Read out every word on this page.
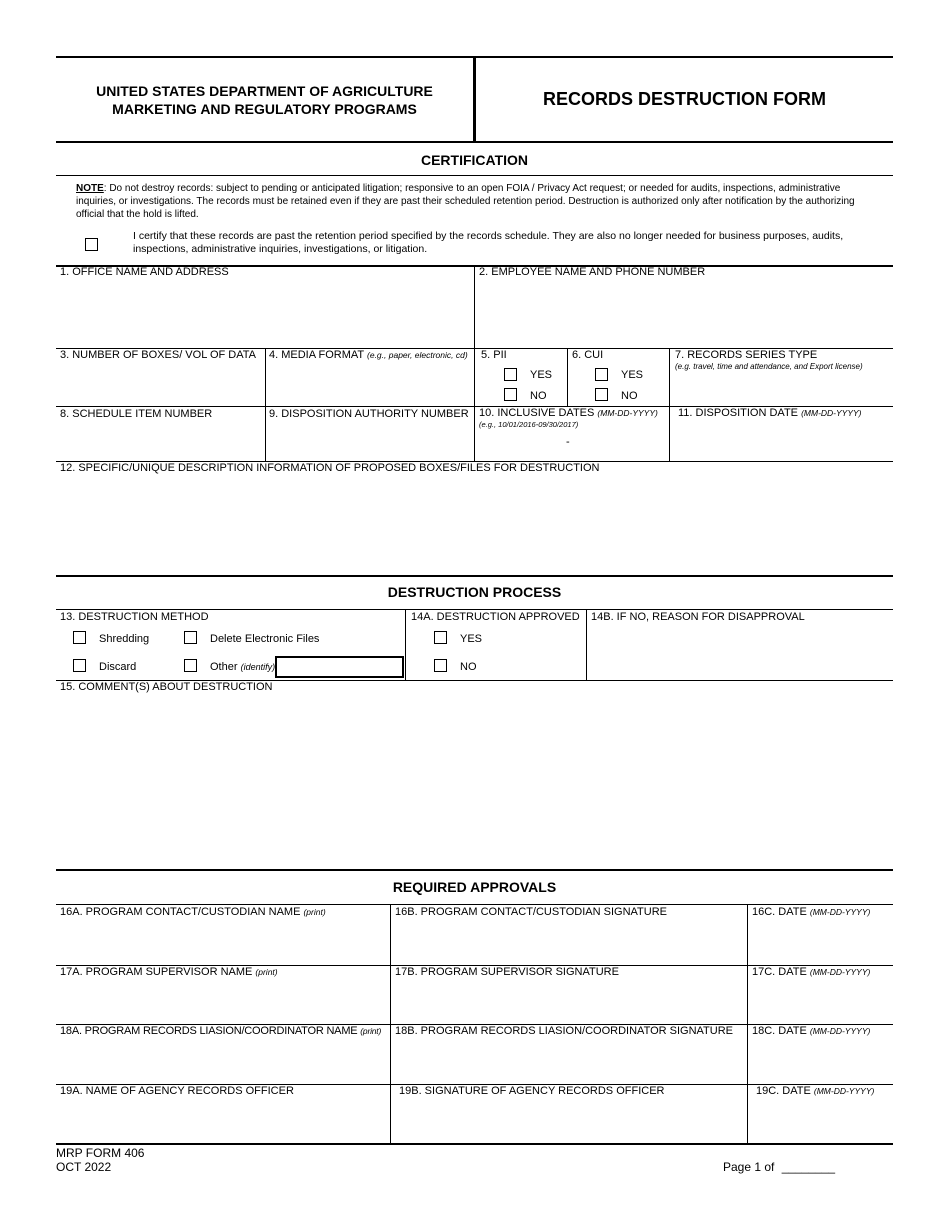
UNITED STATES DEPARTMENT OF AGRICULTURE
MARKETING AND REGULATORY PROGRAMS	RECORDS DESTRUCTION FORM
CERTIFICATION
NOTE: Do not destroy records: subject to pending or anticipated litigation; responsive to an open FOIA / Privacy Act request; or needed for audits, inspections, administrative inquiries, or investigations. The records must be retained even if they are past their scheduled retention period. Destruction is authorized only after notification by the authorizing official that the hold is lifted.
I certify that these records are past the retention period specified by the records schedule. They are also no longer needed for business purposes, audits, inspections, administrative inquiries, investigations, or litigation.
1. OFFICE NAME AND ADDRESS	2. EMPLOYEE NAME AND PHONE NUMBER
3. NUMBER OF BOXES/ VOL OF DATA 4. MEDIA FORMAT (e.g., paper, electronic, cd) 5. PII
YES
NO
6. CUI
YES
NO
7. RECORDS SERIES TYPE
(e.g. travel, time and attendance, and Export license)
8. SCHEDULE ITEM NUMBER	9. DISPOSITION AUTHORITY NUMBER 10. INCLUSIVE DATES (MM-DD-YYYY)
(e.g., 10/01/2016-09/30/2017)
-
11. DISPOSITION DATE (MM-DD-YYYY)
12. SPECIFIC/UNIQUE DESCRIPTION INFORMATION OF PROPOSED BOXES/FILES FOR DESTRUCTION
DESTRUCTION PROCESS
13. DESTRUCTION METHOD
Shredding	Delete Electronic Files
Discard	Other (identify)
14A. DESTRUCTION APPROVED
YES
NO
14B. IF NO, REASON FOR DISAPPROVAL
15. COMMENT(S) ABOUT DESTRUCTION
REQUIRED APPROVALS
16A. PROGRAM CONTACT/CUSTODIAN NAME (print)	16B. PROGRAM CONTACT/CUSTODIAN SIGNATURE	16C. DATE (MM-DD-YYYY)
17A. PROGRAM SUPERVISOR NAME (print)	17B. PROGRAM SUPERVISOR SIGNATURE	17C. DATE (MM-DD-YYYY)
18A. PROGRAM RECORDS LIASION/COORDINATOR NAME (print) 18B. PROGRAM RECORDS LIASION/COORDINATOR SIGNATURE 18C. DATE (MM-DD-YYYY)
19A. NAME OF AGENCY RECORDS OFFICER	19B. SIGNATURE OF AGENCY RECORDS OFFICER	19C. DATE (MM-DD-YYYY)
MRP FORM 406
OCT 2022	Page 1 of ________
